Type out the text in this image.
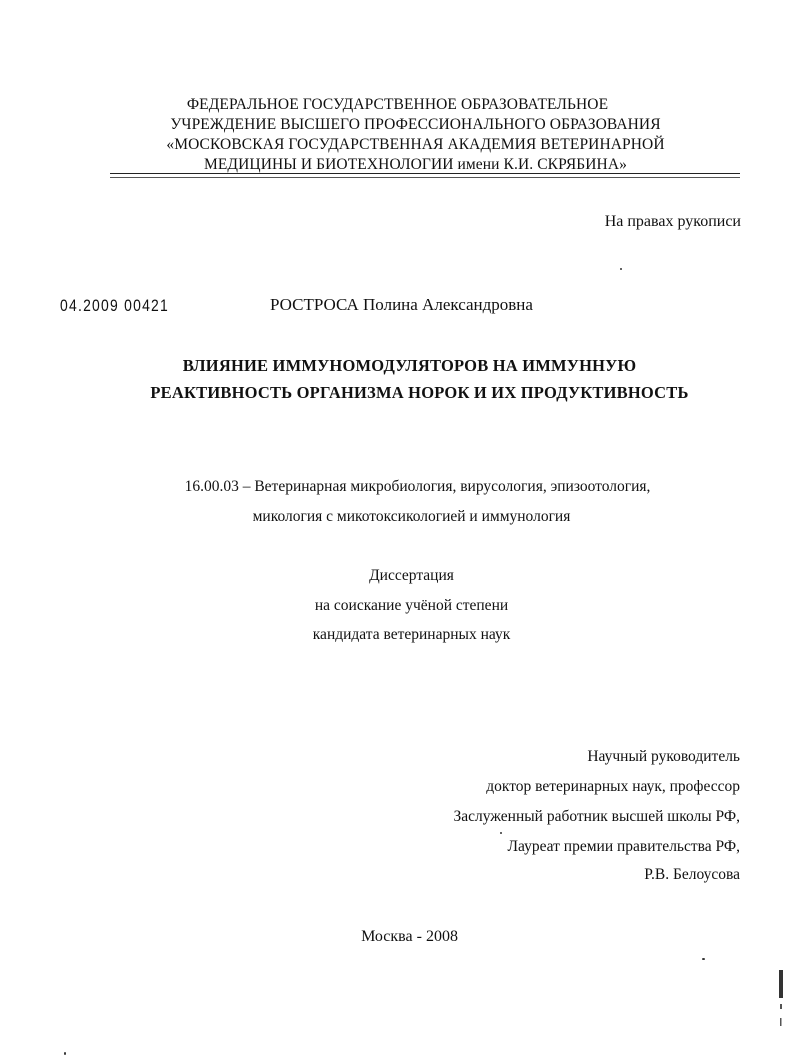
ФЕДЕРАЛЬНОЕ ГОСУДАРСТВЕННОЕ ОБРАЗОВАТЕЛЬНОЕ
УЧРЕЖДЕНИЕ ВЫСШЕГО ПРОФЕССИОНАЛЬНОГО ОБРАЗОВАНИЯ
«МОСКОВСКАЯ ГОСУДАРСТВЕННАЯ АКАДЕМИЯ ВЕТЕРИНАРНОЙ
МЕДИЦИНЫ И БИОТЕХНОЛОГИИ имени К.И. СКРЯБИНА»
На правах рукописи
04.2009 00421	РОСТРОСА Полина Александровна
ВЛИЯНИЕ ИММУНОМОДУЛЯТОРОВ НА ИММУННУЮ
РЕАКТИВНОСТЬ ОРГАНИЗМА НОРОК И ИХ ПРОДУКТИВНОСТЬ
16.00.03 – Ветеринарная микробиология, вирусология, эпизоотология,
микология с микотоксикологией и иммунология
Диссертация
на соискание учёной степени
кандидата ветеринарных наук
Научный руководитель
доктор ветеринарных наук, профессор
Заслуженный работник высшей школы РФ,
Лауреат премии правительства РФ,
Р.В. Белоусова
Москва - 2008
